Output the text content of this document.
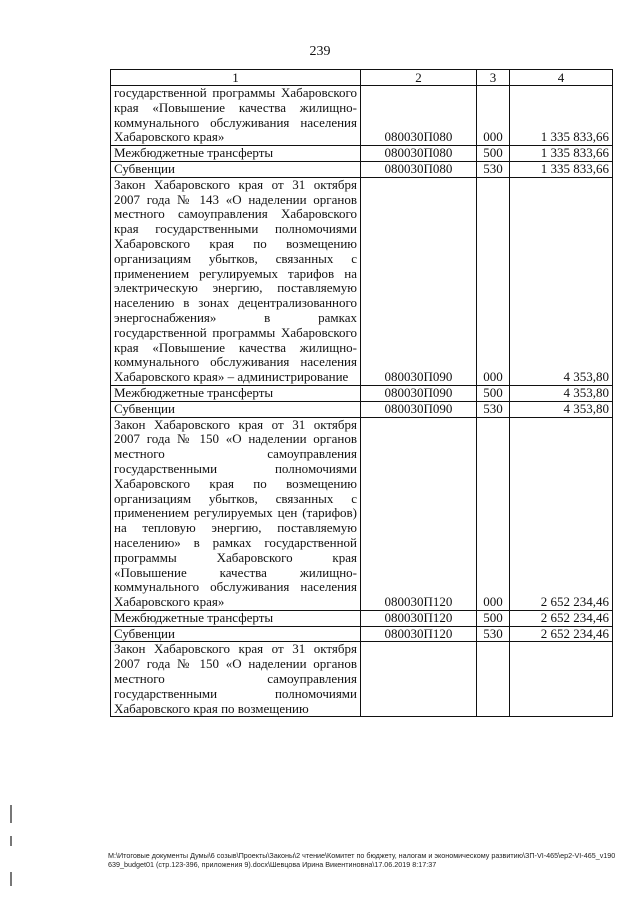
239
1	2	3	4
государственной программы Хабаровского края «Повышение качества жилищно-коммунального обслуживания населения Хабаровского края»	080030П080	000	1 335 833,66
Межбюджетные трансферты	080030П080	500	1 335 833,66
Субвенции	080030П080	530	1 335 833,66
Закон Хабаровского края от 31 октября 2007 года № 143 «О наделении органов местного самоуправления Хабаровского края государственными полномочиями Хабаровского края по возмещению организациям убытков, связанных с применением регулируемых тарифов на электрическую энергию, поставляемую населению в зонах децентрализованного энергоснабжения» в рамках государственной программы Хабаровского края «Повышение качества жилищно-коммунального обслуживания населения Хабаровского края» – администрирование	080030П090	000	4 353,80
Межбюджетные трансферты	080030П090	500	4 353,80
Субвенции	080030П090	530	4 353,80
Закон Хабаровского края от 31 октября 2007 года № 150 «О наделении органов местного самоуправления государственными полномочиями Хабаровского края по возмещению организациям убытков, связанных с применением регулируемых цен (тарифов) на тепловую энергию, поставляемую населению» в рамках государственной программы Хабаровского края «Повышение качества жилищно-коммунального обслуживания населения Хабаровского края»	080030П120	000	2 652 234,46
Межбюджетные трансферты	080030П120	500	2 652 234,46
Субвенции	080030П120	530	2 652 234,46
Закон Хабаровского края от 31 октября 2007 года № 150 «О наделении органов местного самоуправления государственными полномочиями Хабаровского края по возмещению			
M:\Итоговые документы Думы\6 созыв\Проекты\Законы\2 чтение\Комитет по бюджету, налогам и экономическому развитию\ЗП-VI-465\ep2-VI-465_v190639_budget01 (стр.123-396, приложения 9).docx\Шевцова Ирина Викентиновна\17.06.2019 8:17:37
